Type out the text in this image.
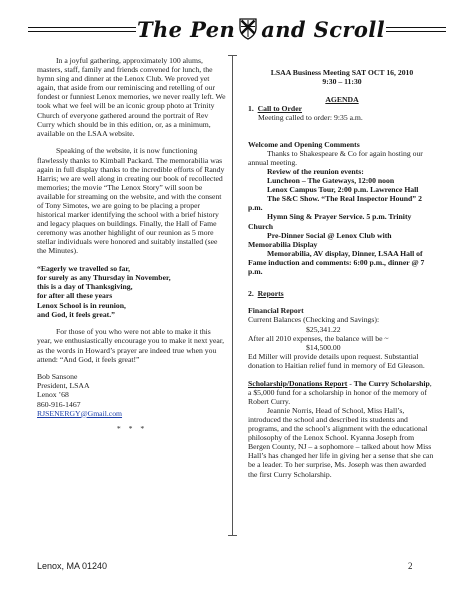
The Pen and Scroll

In a joyful gathering, approximately 100 alums, masters, staff, family and friends convened for lunch, the hymn sing and dinner at the Lenox Club. We proved yet again, that aside from our reminiscing and retelling of our fondest or funniest Lenox memories, we never really left. We took what we feel will be an iconic group photo at Trinity Church of everyone gathered around the portrait of Rev Curry which should be in this edition, or, as a minimum, available on the LSAA website.

Speaking of the website, it is now functioning flawlessly thanks to Kimball Packard. The memorabilia was again in full display thanks to the incredible efforts of Randy Harris; we are well along in creating our book of recollected memories; the movie “The Lenox Story” will soon be available for streaming on the website, and with the consent of Tony Simotes, we are going to be placing a proper historical marker identifying the school with a brief history and legacy plaques on buildings. Finally, the Hall of Fame ceremony was another highlight of our reunion as 5 more stellar individuals were honored and suitably installed (see the Minutes).

“Eagerly we travelled so far,
for surely as any Thursday in November,
this is a day of Thanksgiving,
for after all these years
Lenox School is in reunion,
and God, it feels great.”

For those of you who were not able to make it this year, we enthusiastically encourage you to make it next year, as the words in Howard’s prayer are indeed true when you attend: “And God, it feels great!”

Bob Sansone
President, LSAA
Lenox ’68
860-916-1467
RJSENERGY@Gmail.com
* * *
LSAA Business Meeting SAT OCT 16, 2010
9:30 – 11:30
AGENDA
1. Call to Order
Meeting called to order: 9:35 a.m.
Welcome and Opening Comments

Thanks to Shakespeare & Co for again hosting our annual meeting.

Review of the reunion events:

Luncheon – The Gateways, 12:00 noon

Lenox Campus Tour, 2:00 p.m. Lawrence Hall

The S&C Show. “The Real Inspector Hound” 2 p.m.

Hymn Sing & Prayer Service. 5 p.m. Trinity Church

Pre-Dinner Social @ Lenox Club with Memorabilia Display

Memorabilia, AV display, Dinner, LSAA Hall of Fame induction and comments: 6:00 p.m., dinner @ 7 p.m.

2. Reports
Financial Report
Current Balances (Checking and Savings):
$25,341.22
After all 2010 expenses, the balance will be ~
$14,500.00
Ed Miller will provide details upon request. Substantial donation to Haitian relief fund in memory of Ed Gleason.

Scholarship/Donations Report - The Curry Scholarship, a $5,000 fund for a scholarship in honor of the memory of Robert Curry.

Jeannie Norris, Head of School, Miss Hall’s, introduced the school and described its students and programs, and the school’s alignment with the educational philosophy of the Lenox School. Kyanna Joseph from Bergen County, NJ – a sophomore – talked about how Miss Hall’s has changed her life in giving her a sense that she can be a leader. To her surprise, Ms. Joseph was then awarded the first Curry Scholarship.

Lenox, MA 01240	2
